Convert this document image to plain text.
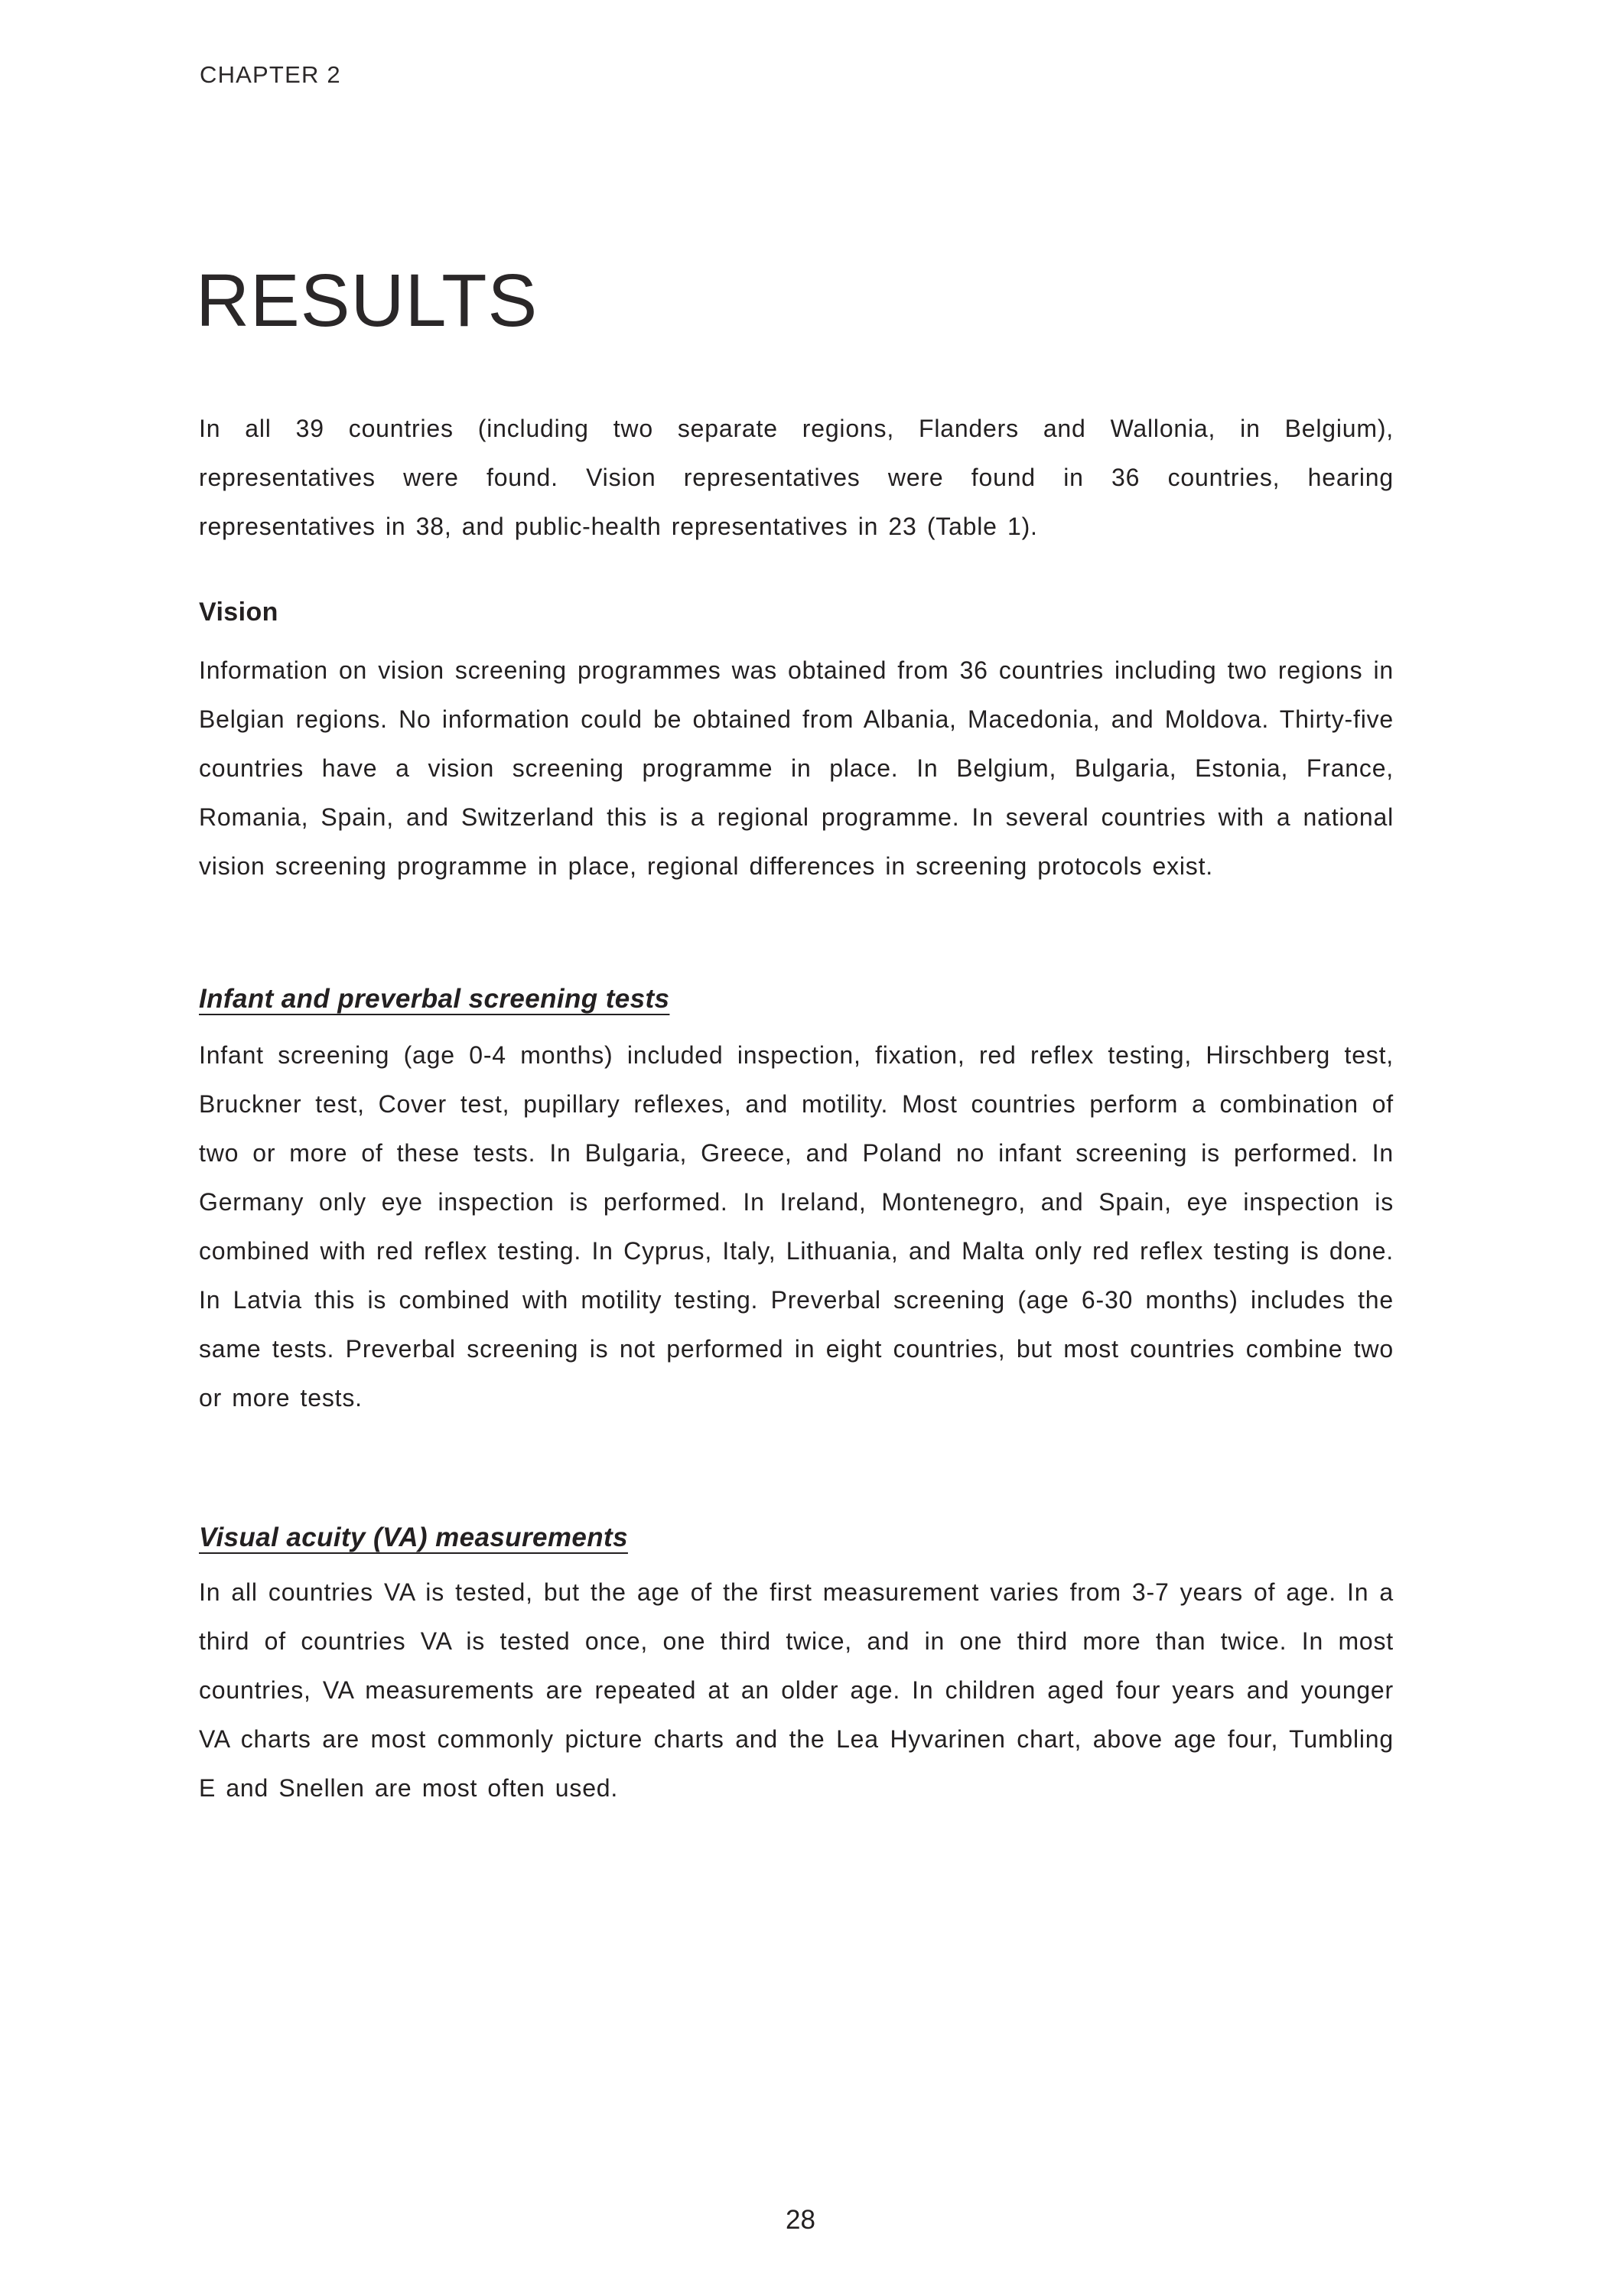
CHAPTER 2
RESULTS

In all 39 countries (including two separate regions, Flanders and Wallonia, in Belgium), representatives were found. Vision representatives were found in 36 countries, hearing representatives in 38, and public-health representatives in 23 (Table 1).

Vision

Information on vision screening programmes was obtained from 36 countries including two regions in Belgian regions. No information could be obtained from Albania, Macedonia, and Moldova. Thirty-five countries have a vision screening programme in place. In Belgium, Bulgaria, Estonia, France, Romania, Spain, and Switzerland this is a regional programme. In several countries with a national vision screening programme in place, regional differences in screening protocols exist.

Infant and preverbal screening tests

Infant screening (age 0-4 months) included inspection, fixation, red reflex testing, Hirschberg test, Bruckner test, Cover test, pupillary reflexes, and motility. Most countries perform a combination of two or more of these tests. In Bulgaria, Greece, and Poland no infant screening is performed. In Germany only eye inspection is performed. In Ireland, Montenegro, and Spain, eye inspection is combined with red reflex testing. In Cyprus, Italy, Lithuania, and Malta only red reflex testing is done. In Latvia this is combined with motility testing. Preverbal screening (age 6-30 months) includes the same tests. Preverbal screening is not performed in eight countries, but most countries combine two or more tests.

Visual acuity (VA) measurements

In all countries VA is tested, but the age of the first measurement varies from 3-7 years of age. In a third of countries VA is tested once, one third twice, and in one third more than twice. In most countries, VA measurements are repeated at an older age. In children aged four years and younger VA charts are most commonly picture charts and the Lea Hyvarinen chart, above age four, Tumbling E and Snellen are most often used.

28
